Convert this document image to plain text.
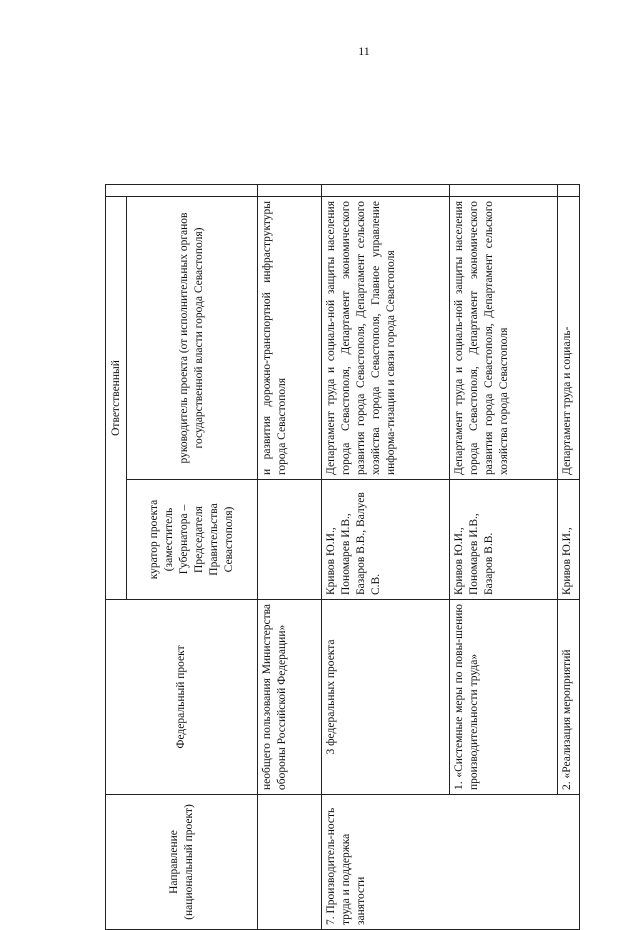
11
Направление (национальный проект)	Федеральный проект	Ответственный		
		куратор проекта (заместитель Губернатора – Председателя Правительства Севастополя)	руководитель проекта (от исполнительных органов государственной власти города Севастополя)	
	необщего пользования Министерства обороны Российской Федерации»		и развития дорожно-транспортной инфраструктуры города Севастополя	
7. Производитель-ность труда и поддержка занятости	3 федеральных проекта	Кривов Ю.И., Пономарев И.В., Базаров В.В., Валуев С.В.	Департамент труда и социаль-ной защиты населения города Севастополя, Департамент экономического развития города Севастополя, Департамент сельского хозяйства города Севастополя, Главное управление информа-тизации и связи города Севастополя	
	1. «Системные меры по повы-шению производительности труда»	Кривов Ю.И., Пономарев И.В., Базаров В.В.	Департамент труда и социаль-ной защиты населения города Севастополя, Департамент экономического развития города Севастополя, Департамент сельского хозяйства города Севастополя	
	2. «Реализация мероприятий	Кривов Ю.И.,	Департамент труда и социаль-	
